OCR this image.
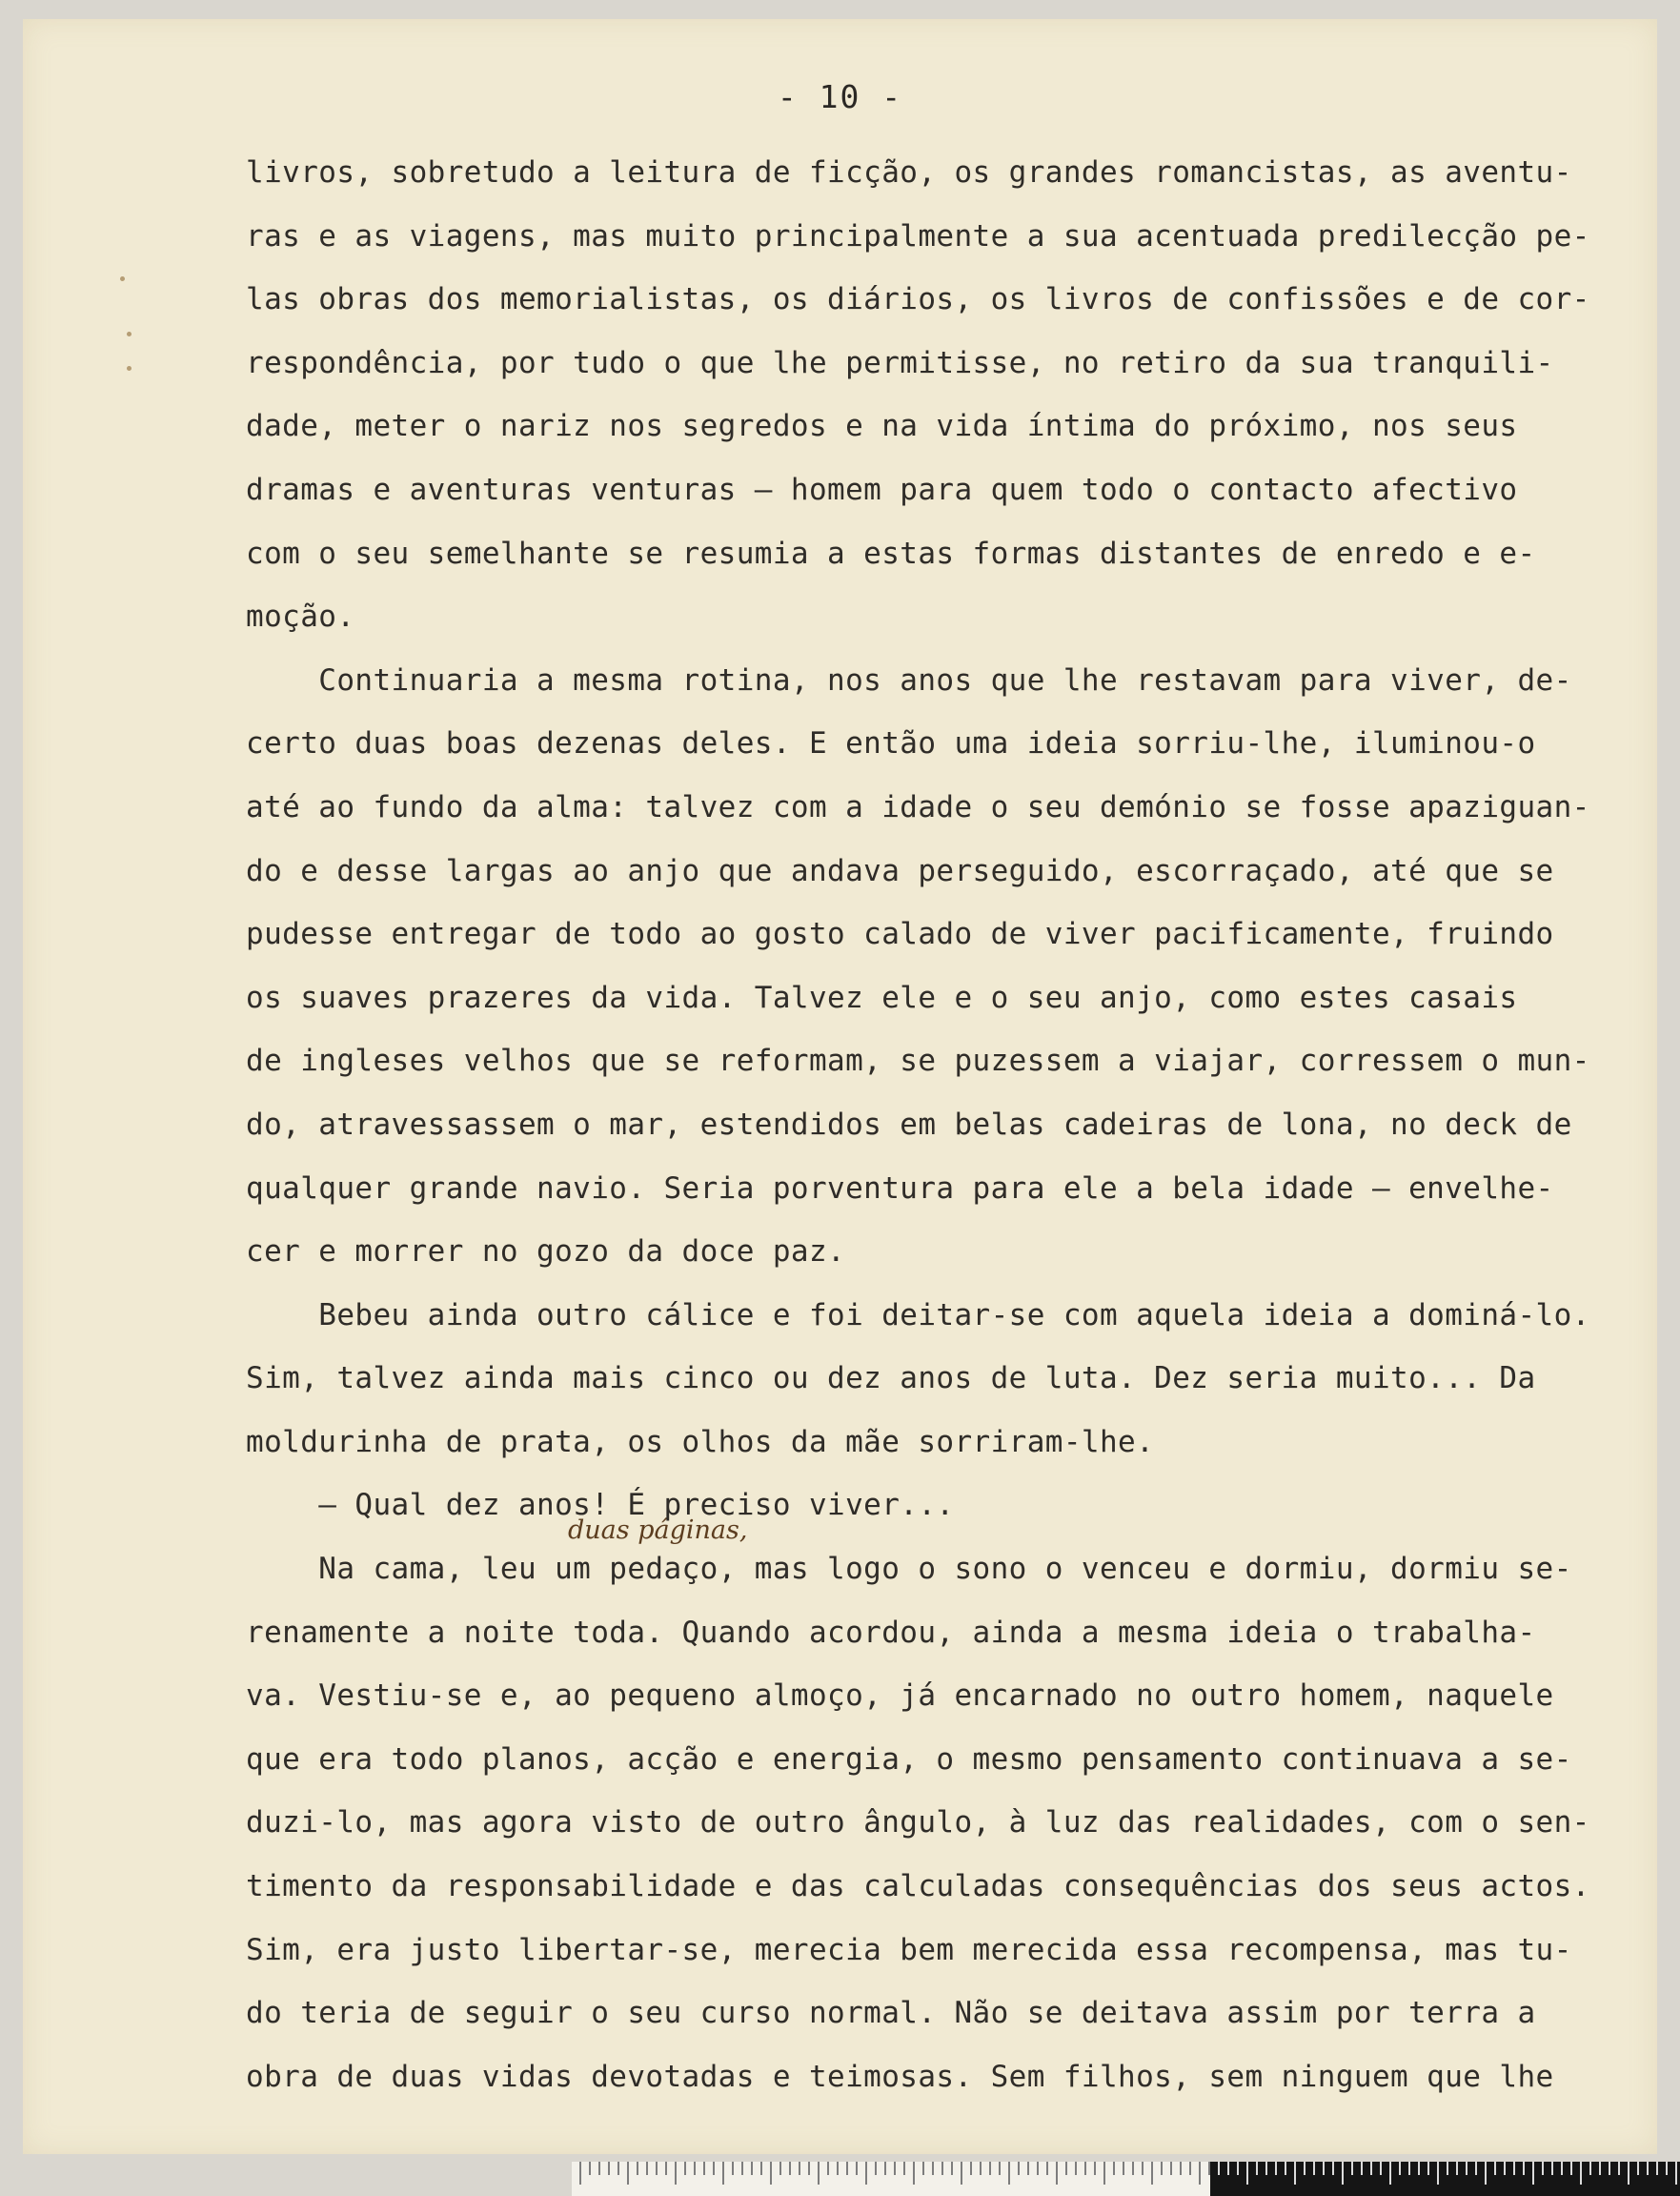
- 10 -
duas páginas,
livros, sobretudo a leitura de ficção, os grandes romancistas, as aventu-
ras e as viagens, mas muito principalmente a sua acentuada predilecção pe-
las obras dos memorialistas, os diários, os livros de confissões e de cor-
respondência, por tudo o que lhe permitisse, no retiro da sua tranquili-
dade, meter o nariz nos segredos e na vida íntima do próximo, nos seus
dramas e aventuras venturas — homem para quem todo o contacto afectivo
com o seu semelhante se resumia a estas formas distantes de enredo e e-
moção.
Continuaria a mesma rotina, nos anos que lhe restavam para viver, de-
certo duas boas dezenas deles. E então uma ideia sorriu-lhe, iluminou-o
até ao fundo da alma: talvez com a idade o seu demónio se fosse apaziguan-
do e desse largas ao anjo que andava perseguido, escorraçado, até que se
pudesse entregar de todo ao gosto calado de viver pacificamente, fruindo
os suaves prazeres da vida. Talvez ele e o seu anjo, como estes casais
de ingleses velhos que se reformam, se puzessem a viajar, corressem o mun-
do, atravessassem o mar, estendidos em belas cadeiras de lona, no deck de
qualquer grande navio. Seria porventura para ele a bela idade — envelhe-
cer e morrer no gozo da doce paz.
Bebeu ainda outro cálice e foi deitar-se com aquela ideia a dominá-lo.
Sim, talvez ainda mais cinco ou dez anos de luta. Dez seria muito... Da
moldurinha de prata, os olhos da mãe sorriram-lhe.
— Qual dez anos! É preciso viver...
Na cama, leu um pedaço, mas logo o sono o venceu e dormiu, dormiu se-
renamente a noite toda. Quando acordou, ainda a mesma ideia o trabalha-
va. Vestiu-se e, ao pequeno almoço, já encarnado no outro homem, naquele
que era todo planos, acção e energia, o mesmo pensamento continuava a se-
duzi-lo, mas agora visto de outro ângulo, à luz das realidades, com o sen-
timento da responsabilidade e das calculadas consequências dos seus actos.
Sim, era justo libertar-se, merecia bem merecida essa recompensa, mas tu-
do teria de seguir o seu curso normal. Não se deitava assim por terra a
obra de duas vidas devotadas e teimosas. Sem filhos, sem ninguem que lhe
